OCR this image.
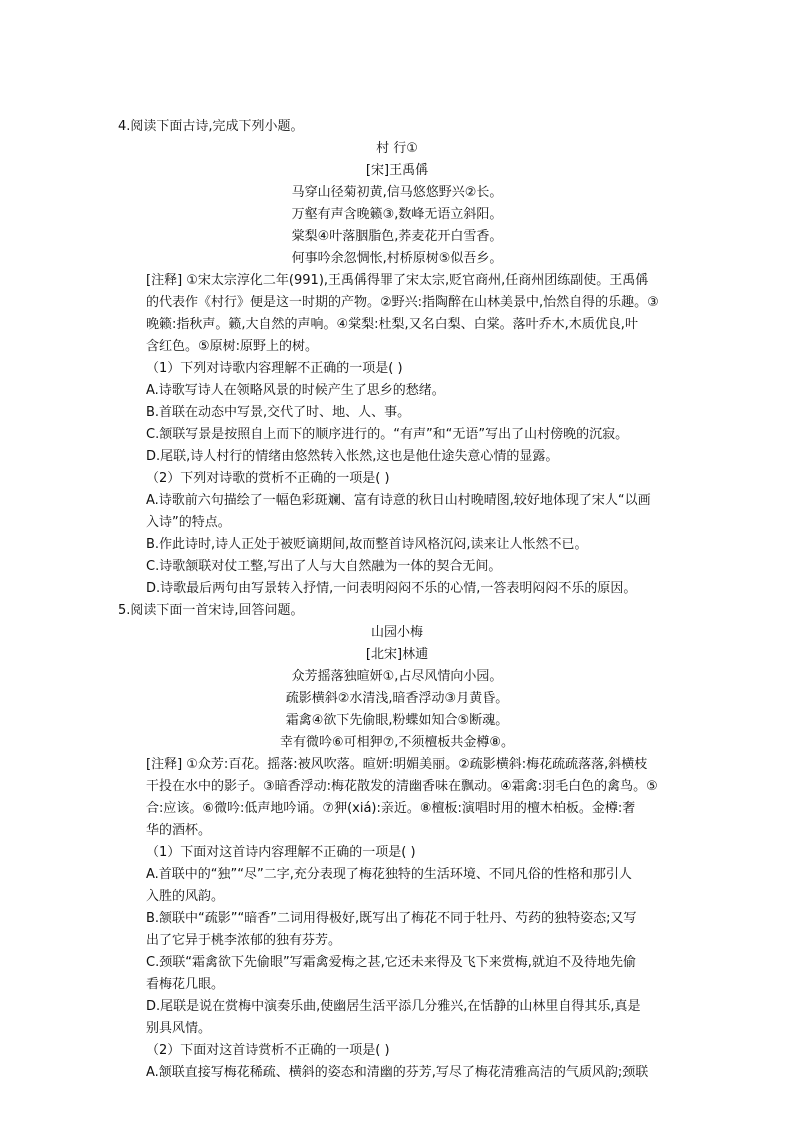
4.阅读下面古诗,完成下列小题。
村 行①
[宋]王禹偁
马穿山径菊初黄,信马悠悠野兴②长。
万壑有声含晚籁③,数峰无语立斜阳。
棠梨④叶落胭脂色,荞麦花开白雪香。
何事吟余忽惆怅,村桥原树⑤似吾乡。
[注释] ①宋太宗淳化二年(991),王禹偁得罪了宋太宗,贬官商州,任商州团练副使。王禹偁
的代表作《村行》便是这一时期的产物。②野兴:指陶醉在山林美景中,怡然自得的乐趣。③
晚籁:指秋声。籁,大自然的声响。④棠梨:杜梨,又名白梨、白棠。落叶乔木,木质优良,叶
含红色。⑤原树:原野上的树。
（1）下列对诗歌内容理解不正确的一项是( )
A.诗歌写诗人在领略风景的时候产生了思乡的愁绪。
B.首联在动态中写景,交代了时、地、人、事。
C.颔联写景是按照自上而下的顺序进行的。“有声”和“无语”写出了山村傍晚的沉寂。
D.尾联,诗人村行的情绪由悠然转入怅然,这也是他仕途失意心情的显露。
（2）下列对诗歌的赏析不正确的一项是( )
A.诗歌前六句描绘了一幅色彩斑斓、富有诗意的秋日山村晚晴图,较好地体现了宋人“以画
入诗”的特点。
B.作此诗时,诗人正处于被贬谪期间,故而整首诗风格沉闷,读来让人怅然不已。
C.诗歌颔联对仗工整,写出了人与大自然融为一体的契合无间。
D.诗歌最后两句由写景转入抒情,一问表明闷闷不乐的心情,一答表明闷闷不乐的原因。
5.阅读下面一首宋诗,回答问题。
山园小梅
[北宋]林逋
众芳摇落独暄妍①,占尽风情向小园。
疏影横斜②水清浅,暗香浮动③月黄昏。
霜禽④欲下先偷眼,粉蝶如知合⑤断魂。
幸有微吟⑥可相狎⑦,不须檀板共金樽⑧。
[注释] ①众芳:百花。摇落:被风吹落。暄妍:明媚美丽。②疏影横斜:梅花疏疏落落,斜横枝
干投在水中的影子。③暗香浮动:梅花散发的清幽香味在飘动。④霜禽:羽毛白色的禽鸟。⑤
合:应该。⑥微吟:低声地吟诵。⑦狎(xiá):亲近。⑧檀板:演唱时用的檀木柏板。金樽:奢
华的酒杯。
（1）下面对这首诗内容理解不正确的一项是( )
A.首联中的“独”“尽”二字,充分表现了梅花独特的生活环境、不同凡俗的性格和那引人
入胜的风韵。
B.颔联中“疏影”“暗香”二词用得极好,既写出了梅花不同于牡丹、芍药的独特姿态;又写
出了它异于桃李浓郁的独有芬芳。
C.颈联“霜禽欲下先偷眼”写霜禽爱梅之甚,它还未来得及飞下来赏梅,就迫不及待地先偷
看梅花几眼。
D.尾联是说在赏梅中演奏乐曲,使幽居生活平添几分雅兴,在恬静的山林里自得其乐,真是
别具风情。
（2）下面对这首诗赏析不正确的一项是( )
A.颔联直接写梅花稀疏、横斜的姿态和清幽的芬芳,写尽了梅花清雅高洁的气质风韵;颈联
